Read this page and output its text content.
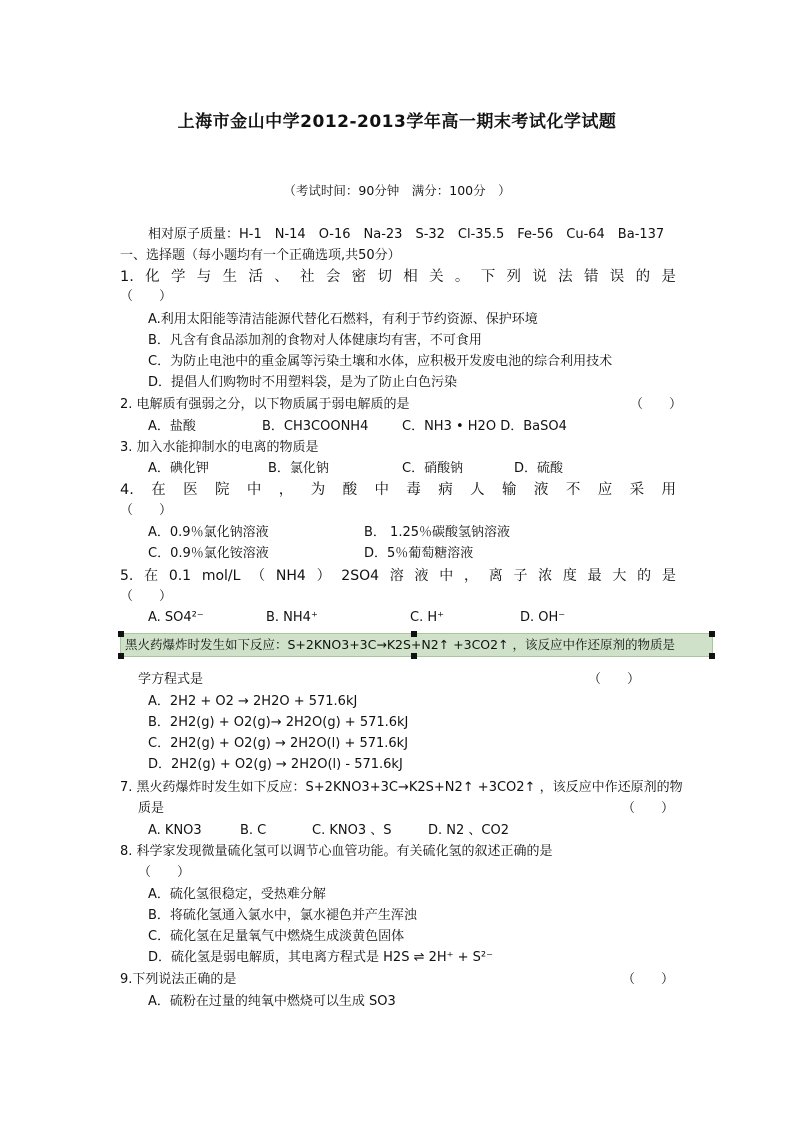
上海市金山中学2012-2013学年高一期末考试化学试题
（考试时间：90分钟　满分：100分　）
相对原子质量：H-1　N-14　O-16　Na-23　S-32　Cl-35.5　Fe-56　Cu-64　Ba-137
一、选择题（每小题均有一个正确选项,共50分）
1. 化 学 与 生 活 、 社 会 密 切 相 关 。 下 列 说 法 错 误 的 是
（　　）
A.利用太阳能等清洁能源代替化石燃料，有利于节约资源、保护环境
B．凡含有食品添加剂的食物对人体健康均有害，不可食用
C．为防止电池中的重金属等污染土壤和水体，应积极开发废电池的综合利用技术
D．提倡人们购物时不用塑料袋，是为了防止白色污染
2. 电解质有强弱之分，以下物质属于弱电解质的是	（　　）
A．盐酸	B．CH3COONH4	C．NH3 • H2O D．BaSO4
3. 加入水能抑制水的电离的物质是
A．碘化钾	B．氯化钠	C．硝酸钠	D．硫酸
4. 在 医 院 中 ， 为 酸 中 毒 病 人 输 液 不 应 采 用
（　　）
A．0.9％氯化钠溶液	B． 1.25％碳酸氢钠溶液
C．0.9％氯化铵溶液	D．5％葡萄糖溶液
5. 在 0.1 mol/L （ NH4 ） 2SO4 溶 液 中 ， 离 子 浓 度 最 大 的 是
（　　）
A. SO4²⁻	B. NH4⁺	C. H⁺	D. OH⁻
黑火药爆炸时发生如下反应：S+2KNO3+3C→K2S+N2↑ +3CO2↑ ，该反应中作还原剂的物质是
学方程式是	（　　）
A．2H2 + O2 → 2H2O + 571.6kJ
B．2H2(g) + O2(g)→ 2H2O(g) + 571.6kJ
C．2H2(g) + O2(g) → 2H2O(l) + 571.6kJ
D．2H2(g) + O2(g) → 2H2O(l) - 571.6kJ
7. 黑火药爆炸时发生如下反应：S+2KNO3+3C→K2S+N2↑ +3CO2↑ ，该反应中作还原剂的物
质是	（　　）
A. KNO3	B. C	C. KNO3 、S	D. N2 、CO2
8. 科学家发现微量硫化氢可以调节心血管功能。有关硫化氢的叙述正确的是
（　　）
A．硫化氢很稳定，受热难分解
B．将硫化氢通入氯水中，氯水褪色并产生浑浊
C．硫化氢在足量氧气中燃烧生成淡黄色固体
D．硫化氢是弱电解质，其电离方程式是 H2S ⇌ 2H⁺ + S²⁻
9.下列说法正确的是	（　　）
A．硫粉在过量的纯氧中燃烧可以生成 SO3
